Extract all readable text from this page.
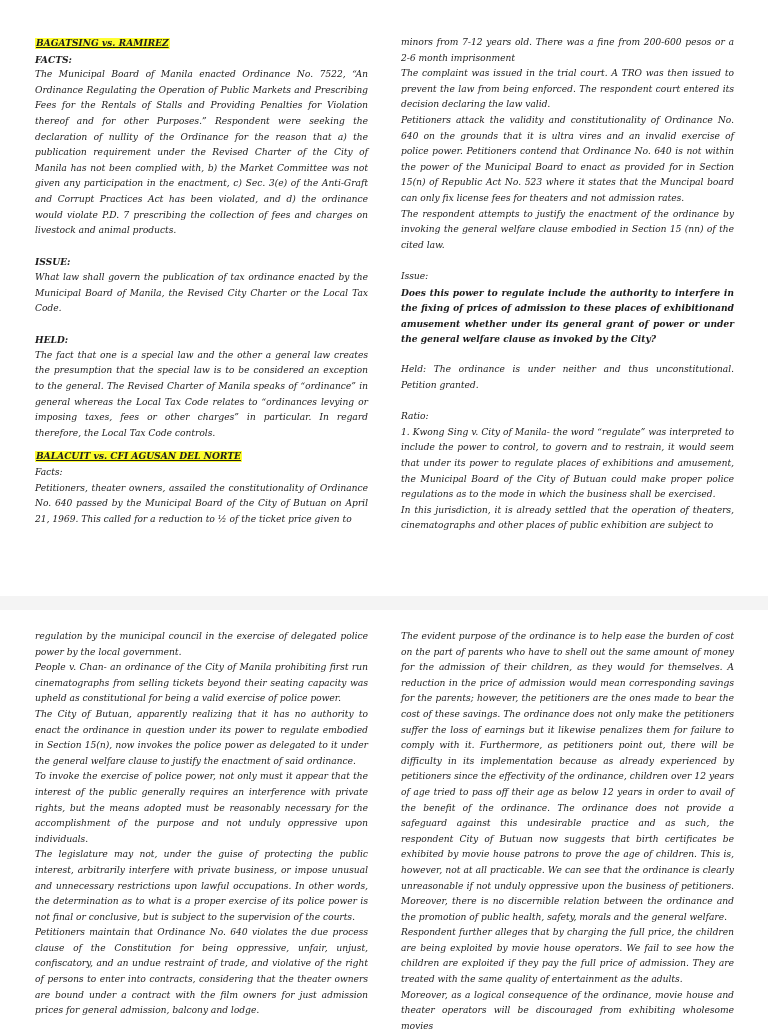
BAGATSING vs. RAMIREZ

FACTS:

The Municipal Board of Manila enacted Ordinance No. 7522, “An Ordinance Regulating the Operation of Public Markets and Prescribing Fees for the Rentals of Stalls and Providing Penalties for Violation thereof and for other Purposes.” Respondent were seeking the declaration of nullity of the Ordinance for the reason that a) the publication requirement under the Revised Charter of the City of Manila has not been complied with, b) the Market Committee was not given any participation in the enactment, c) Sec. 3(e) of the Anti-Graft and Corrupt Practices Act has been violated, and d) the ordinance would violate P.D. 7 prescribing the collection of fees and charges on livestock and animal products.

ISSUE:

What law shall govern the publication of tax ordinance enacted by the Municipal Board of Manila, the Revised City Charter or the Local Tax Code.

HELD:

The fact that one is a special law and the other a general law creates the presumption that the special law is to be considered an exception to the general. The Revised Charter of Manila speaks of “ordinance” in general whereas the Local Tax Code relates to “ordinances levying or imposing taxes, fees or other charges” in particular. In regard therefore, the Local Tax Code controls.

BALACUIT vs. CFI AGUSAN DEL NORTE

Facts:

Petitioners, theater owners, assailed the constitutionality of Ordinance No. 640 passed by the Municipal Board of the City of Butuan on April 21, 1969. This called for a reduction to ½ of the ticket price given to

minors from 7-12 years old. There was a fine from 200-600 pesos or a 2-6 month imprisonment

The complaint was issued in the trial court. A TRO was then issued to prevent the law from being enforced. The respondent court entered its decision declaring the law valid.

Petitioners attack the validity and constitutionality of Ordinance No. 640 on the grounds that it is ultra vires and an invalid exercise of police power. Petitioners contend that Ordinance No. 640 is not within the power of the Municipal Board to enact as provided for in Section 15(n) of Republic Act No. 523 where it states that the Muncipal board can only fix license fees for theaters and not admission rates.

The respondent attempts to justify the enactment of the ordinance by invoking the general welfare clause embodied in Section 15 (nn) of the cited law.

Issue:

Does this power to regulate include the authority to interfere in the fixing of prices of admission to these places of exhibitionand amusement whether under its general grant of power or under the general welfare clause as invoked by the City?

Held: The ordinance is under neither and thus unconstitutional. Petition granted.

Ratio:

1. Kwong Sing v. City of Manila- the word “regulate” was interpreted to include the power to control, to govern and to restrain, it would seem that under its power to regulate places of exhibitions and amusement, the Municipal Board of the City of Butuan could make proper police regulations as to the mode in which the business shall be exercised.

In this jurisdiction, it is already settled that the operation of theaters, cinematographs and other places of public exhibition are subject to

regulation by the municipal council in the exercise of delegated police power by the local government.

People v. Chan- an ordinance of the City of Manila prohibiting first run cinematographs from selling tickets beyond their seating capacity was upheld as constitutional for being a valid exercise of police power.

The City of Butuan, apparently realizing that it has no authority to enact the ordinance in question under its power to regulate embodied in Section 15(n), now invokes the police power as delegated to it under the general welfare clause to justify the enactment of said ordinance.

To invoke the exercise of police power, not only must it appear that the interest of the public generally requires an interference with private rights, but the means adopted must be reasonably necessary for the accomplishment of the purpose and not unduly oppressive upon individuals.

The legislature may not, under the guise of protecting the public interest, arbitrarily interfere with private business, or impose unusual and unnecessary restrictions upon lawful occupations. In other words, the determination as to what is a proper exercise of its police power is not final or conclusive, but is subject to the supervision of the courts.

Petitioners maintain that Ordinance No. 640 violates the due process clause of the Constitution for being oppressive, unfair, unjust, confiscatory, and an undue restraint of trade, and violative of the right of persons to enter into contracts, considering that the theater owners are bound under a contract with the film owners for just admission prices for general admission, balcony and lodge.

The evident purpose of the ordinance is to help ease the burden of cost on the part of parents who have to shell out the same amount of money for the admission of their children, as they would for themselves. A reduction in the price of admission would mean corresponding savings for the parents; however, the petitioners are the ones made to bear the cost of these savings. The ordinance does not only make the petitioners suffer the loss of earnings but it likewise penalizes them for failure to comply with it. Furthermore, as petitioners point out, there will be difficulty in its implementation because as already experienced by petitioners since the effectivity of the ordinance, children over 12 years of age tried to pass off their age as below 12 years in order to avail of the benefit of the ordinance. The ordinance does not provide a safeguard against this undesirable practice and as such, the respondent City of Butuan now suggests that birth certificates be exhibited by movie house patrons to prove the age of children. This is, however, not at all practicable. We can see that the ordinance is clearly unreasonable if not unduly oppressive upon the business of petitioners. Moreover, there is no discernible relation between the ordinance and the promotion of public health, safety, morals and the general welfare.

Respondent further alleges that by charging the full price, the children are being exploited by movie house operators. We fail to see how the children are exploited if they pay the full price of admission. They are treated with the same quality of entertainment as the adults.

Moreover, as a logical consequence of the ordinance, movie house and theater operators will be discouraged from exhibiting wholesome movies
